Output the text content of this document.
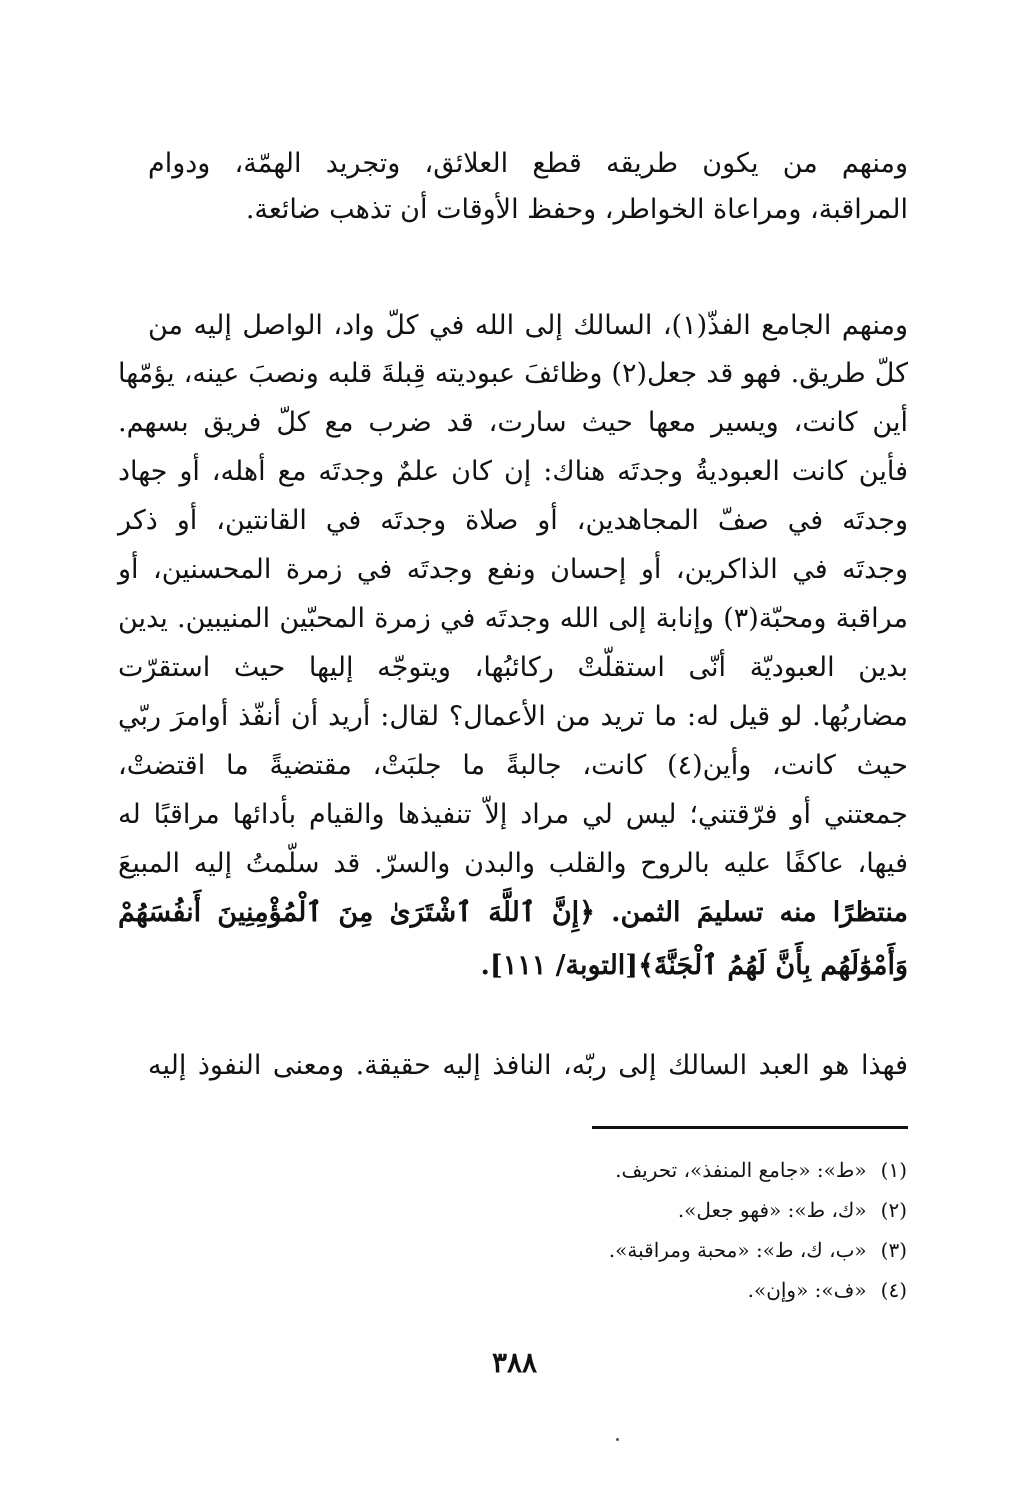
ومنهم من يكون طريقه قطع العلائق، وتجريد الهمّة، ودوام
المراقبة، ومراعاة الخواطر، وحفظ الأوقات أن تذهب ضائعة.
ومنهم الجامع الفذّ(١)، السالك إلى الله في كلّ واد، الواصل إليه من
كلّ طريق. فهو قد جعل(٢) وظائفَ عبوديته قِبلةَ قلبه ونصبَ عينه، يؤمّها
أين كانت، ويسير معها حيث سارت، قد ضرب مع كلّ فريق بسهم.
فأين كانت العبوديةُ وجدتَه هناك: إن كان علمٌ وجدتَه مع أهله، أو جهاد
وجدتَه في صفّ المجاهدين، أو صلاة وجدتَه في القانتين، أو ذكر
وجدتَه في الذاكرين، أو إحسان ونفع وجدتَه في زمرة المحسنين، أو
مراقبة ومحبّة(٣) وإنابة إلى الله وجدتَه في زمرة المحبّين المنيبين. يدين
بدين العبوديّة أنّى استقلّتْ ركائبُها، ويتوجّه إليها حيث استقرّت
مضاربُها. لو قيل له: ما تريد من الأعمال؟ لقال: أريد أن أنفّذ أوامرَ ربّي
حيث كانت، وأين(٤) كانت، جالبةً ما جلبَتْ، مقتضيةً ما اقتضتْ،
جمعتني أو فرّقتني؛ ليس لي مراد إلاّ تنفيذها والقيام بأدائها مراقبًا له
فيها، عاكفًا عليه بالروح والقلب والبدن والسرّ. قد سلّمتُ إليه المبيعَ
منتظرًا منه تسليمَ الثمن. ﴿إِنَّ ٱللَّهَ ٱشْتَرَىٰ مِنَ ٱلْمُؤْمِنِينَ أَنفُسَهُمْ
وَأَمْوَٰلَهُم بِأَنَّ لَهُمُ ٱلْجَنَّةَ﴾[التوبة/ ١١١].
فهذا هو العبد السالك إلى ربّه، النافذ إليه حقيقة. ومعنى النفوذ إليه
(١) «ط»: «جامع المنفذ»، تحريف.
(٢) «ك، ط»: «فهو جعل».
(٣) «ب، ك، ط»: «محبة ومراقبة».
(٤) «ف»: «وإن».
٣٨٨
